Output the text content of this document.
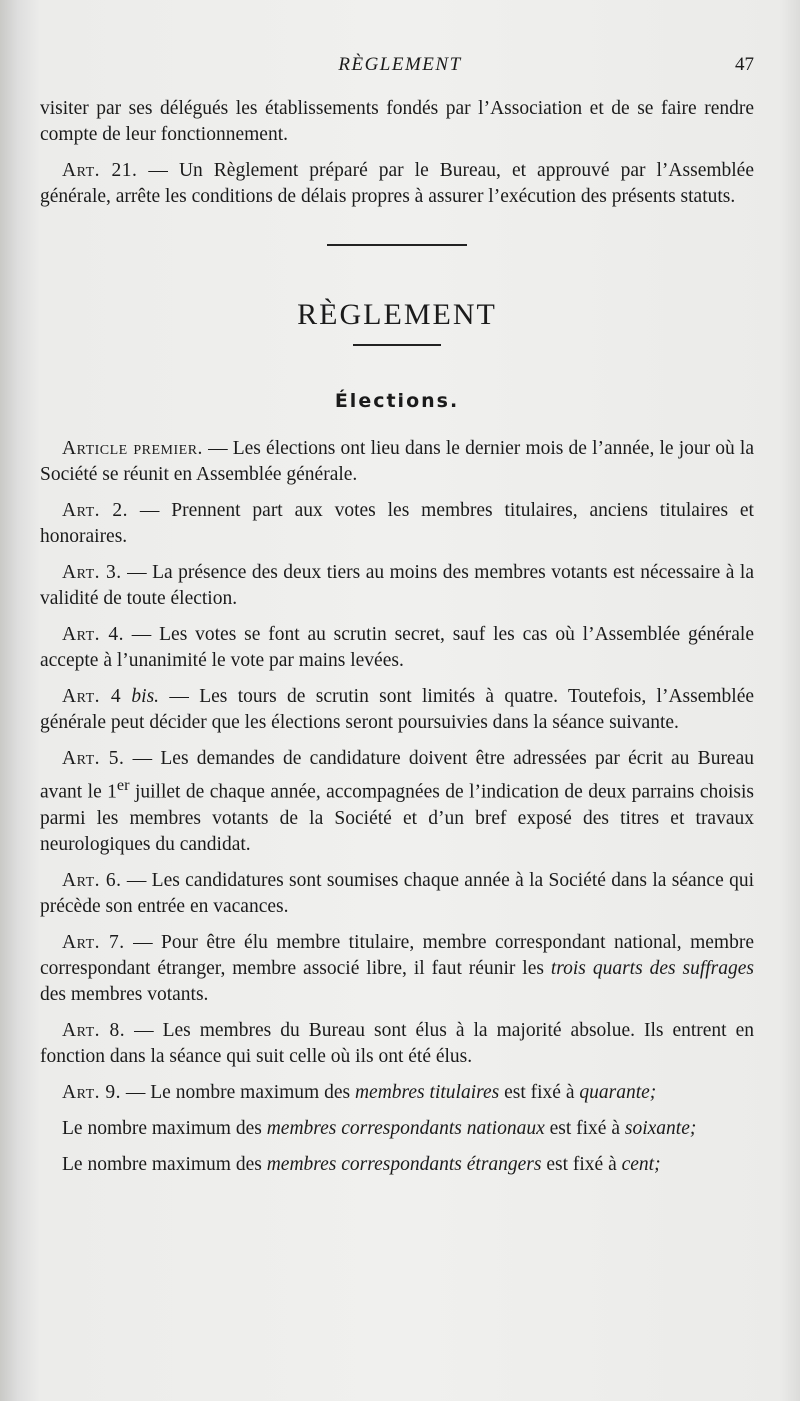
RÈGLEMENT	47

visiter par ses délégués les établissements fondés par l’Association et de se faire rendre compte de leur fonctionnement.

Art. 21. — Un Règlement préparé par le Bureau, et approuvé par l’Assemblée générale, arrête les conditions de délais propres à assurer l’exécution des présents statuts.

RÈGLEMENT
Élections.

Article premier. — Les élections ont lieu dans le dernier mois de l’année, le jour où la Société se réunit en Assemblée générale.

Art. 2. — Prennent part aux votes les membres titulaires, anciens titulaires et honoraires.

Art. 3. — La présence des deux tiers au moins des membres votants est nécessaire à la validité de toute élection.

Art. 4. — Les votes se font au scrutin secret, sauf les cas où l’Assemblée générale accepte à l’unanimité le vote par mains levées.

Art. 4 bis. — Les tours de scrutin sont limités à quatre. Toutefois, l’Assemblée générale peut décider que les élections seront poursuivies dans la séance suivante.

Art. 5. — Les demandes de candidature doivent être adressées par écrit au Bureau avant le 1er juillet de chaque année, accompagnées de l’indication de deux parrains choisis parmi les membres votants de la Société et d’un bref exposé des titres et travaux neurologiques du candidat.

Art. 6. — Les candidatures sont soumises chaque année à la Société dans la séance qui précède son entrée en vacances.

Art. 7. — Pour être élu membre titulaire, membre correspondant national, membre correspondant étranger, membre associé libre, il faut réunir les trois quarts des suffrages des membres votants.

Art. 8. — Les membres du Bureau sont élus à la majorité absolue. Ils entrent en fonction dans la séance qui suit celle où ils ont été élus.

Art. 9. — Le nombre maximum des membres titulaires est fixé à quarante;

Le nombre maximum des membres correspondants nationaux est fixé à soixante;

Le nombre maximum des membres correspondants étrangers est fixé à cent;
